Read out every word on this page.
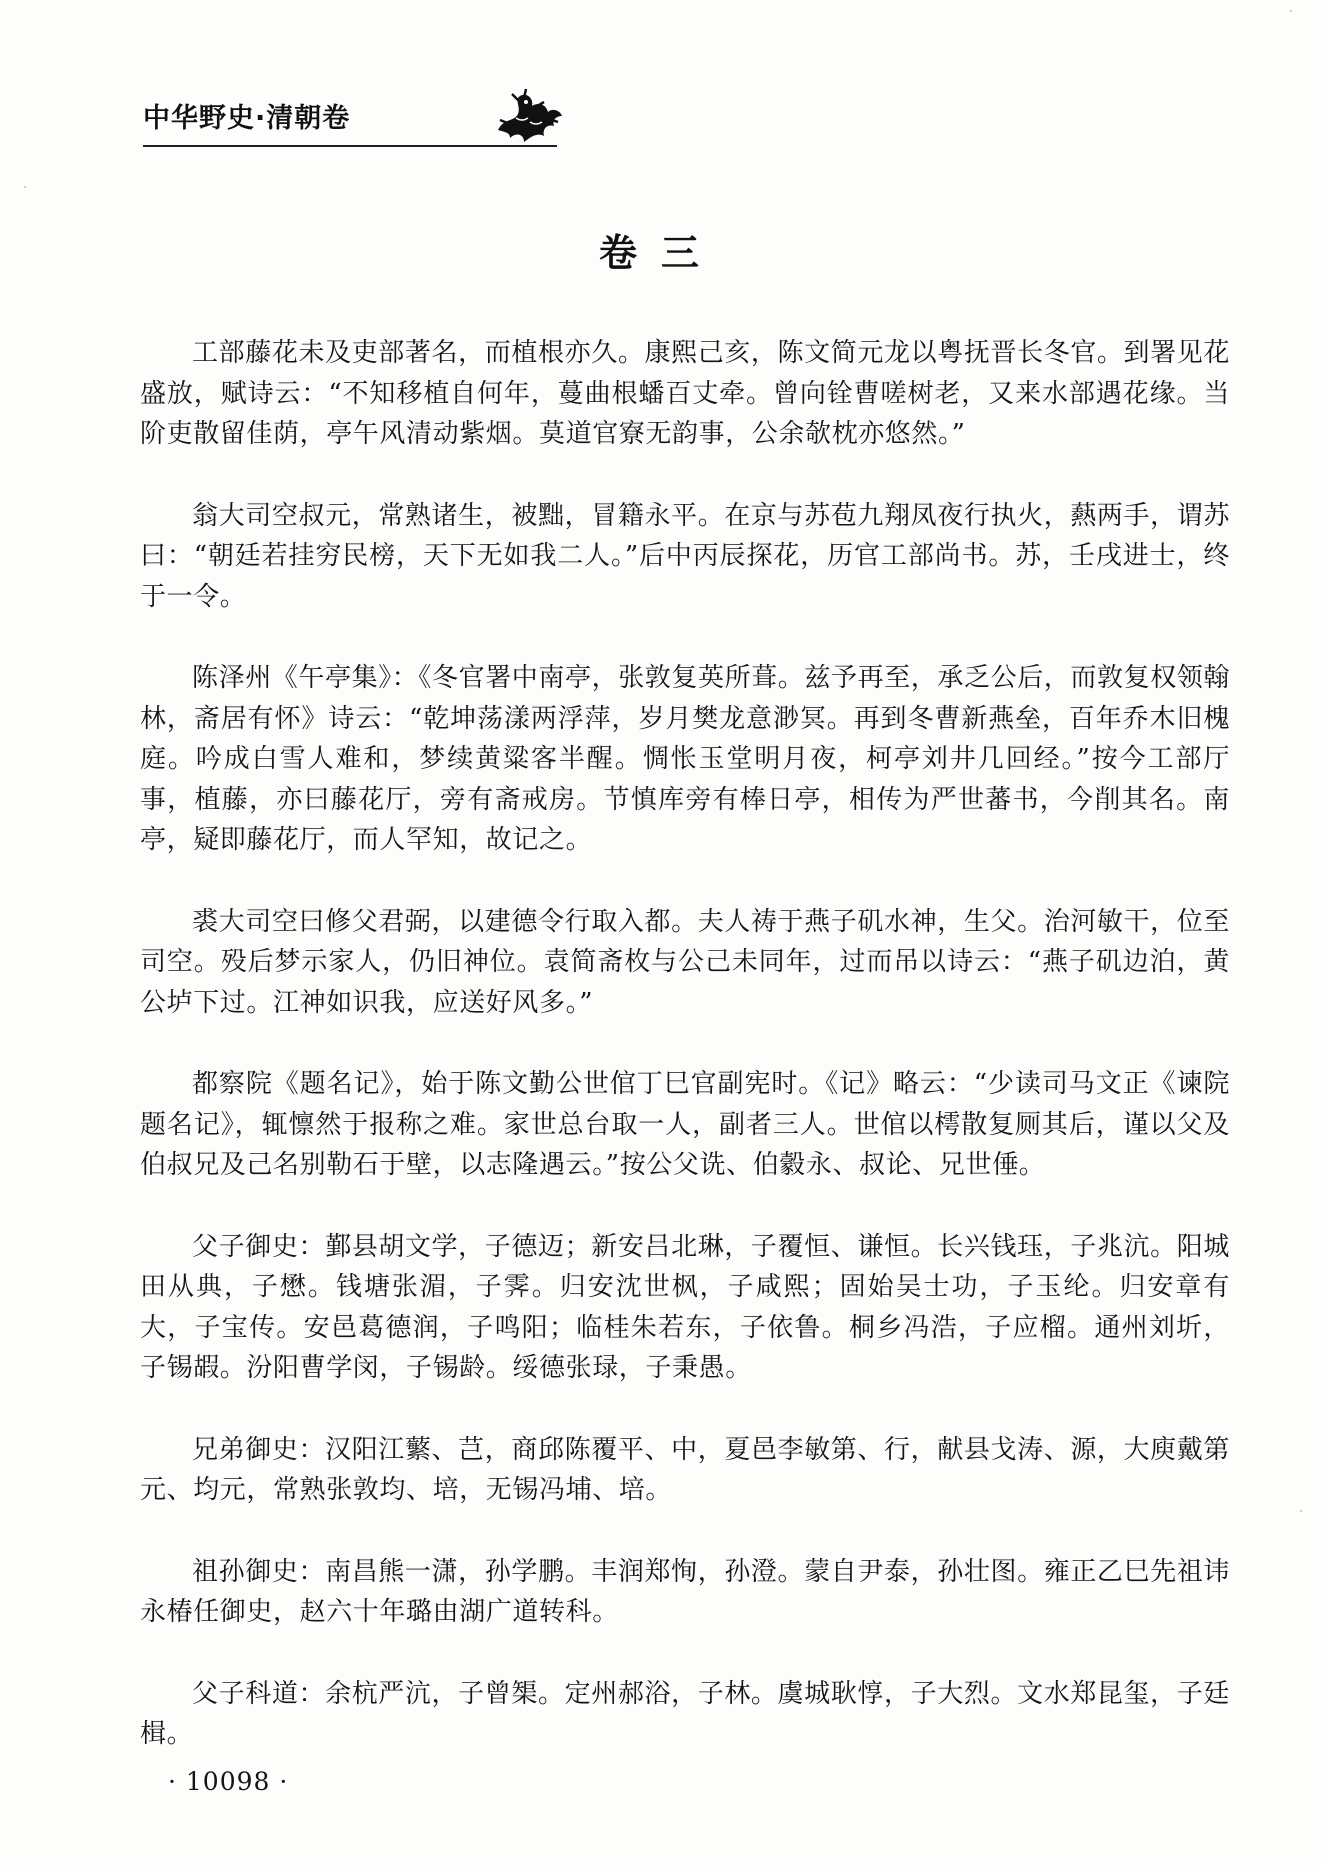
中华野史·清朝卷
卷三

工部藤花未及吏部著名，而植根亦久。康熙己亥，陈文简元龙以粤抚晋长冬官。到署见花盛放，赋诗云：“不知移植自何年，蔓曲根蟠百丈牵。曾向铨曹嗟树老，又来水部遇花缘。当阶吏散留佳荫，亭午风清动紫烟。莫道官寮无韵事，公余欹枕亦悠然。”

翁大司空叔元，常熟诸生，被黜，冒籍永平。在京与苏苞九翔凤夜行执火，爇两手，谓苏曰：“朝廷若挂穷民榜，天下无如我二人。”后中丙辰探花，历官工部尚书。苏，壬戌进士，终于一令。

陈泽州《午亭集》：《冬官署中南亭，张敦复英所葺。兹予再至，承乏公后，而敦复权领翰林，斋居有怀》诗云：“乾坤荡漾两浮萍，岁月樊龙意渺冥。再到冬曹新燕垒，百年乔木旧槐庭。吟成白雪人难和，梦续黄粱客半醒。惆怅玉堂明月夜，柯亭刘井几回经。”按今工部厅事，植藤，亦曰藤花厅，旁有斋戒房。节慎库旁有棒日亭，相传为严世蕃书，今削其名。南亭，疑即藤花厅，而人罕知，故记之。

裘大司空曰修父君弼，以建德令行取入都。夫人祷于燕子矶水神，生父。治河敏干，位至司空。殁后梦示家人，仍旧神位。袁简斋枚与公己未同年，过而吊以诗云：“燕子矶边泊，黄公垆下过。江神如识我，应送好风多。”

都察院《题名记》，始于陈文勤公世倌丁巳官副宪时。《记》略云：“少读司马文正《谏院题名记》，辄懔然于报称之难。家世总台取一人，副者三人。世倌以樗散复厕其后，谨以父及伯叔兄及己名别勒石于壁，以志隆遇云。”按公父诜、伯豰永、叔论、兄世倕。

父子御史：鄞县胡文学，子德迈；新安吕北琳，子覆恒、谦恒。长兴钱珏，子兆沆。阳城田从典，子懋。钱塘张湄，子霁。归安沈世枫，子咸熙；固始吴士功，子玉纶。归安章有大，子宝传。安邑葛德润，子鸣阳；临桂朱若东，子依鲁。桐乡冯浩，子应榴。通州刘圻，子锡嘏。汾阳曹学闵，子锡龄。绥德张琭，子秉愚。

兄弟御史：汉阳江蘩、芑，商邱陈覆平、中，夏邑李敏第、行，献县戈涛、源，大庾戴第元、均元，常熟张敦均、培，无锡冯埔、培。

祖孙御史：南昌熊一潇，孙学鹏。丰润郑恂，孙澄。蒙自尹泰，孙壮图。雍正乙巳先祖讳永椿任御史，赵六十年璐由湖广道转科。

父子科道：余杭严沆，子曾榘。定州郝浴，子林。虞城耿惇，子大烈。文水郑昆玺，子廷楫。

· 10098 ·
